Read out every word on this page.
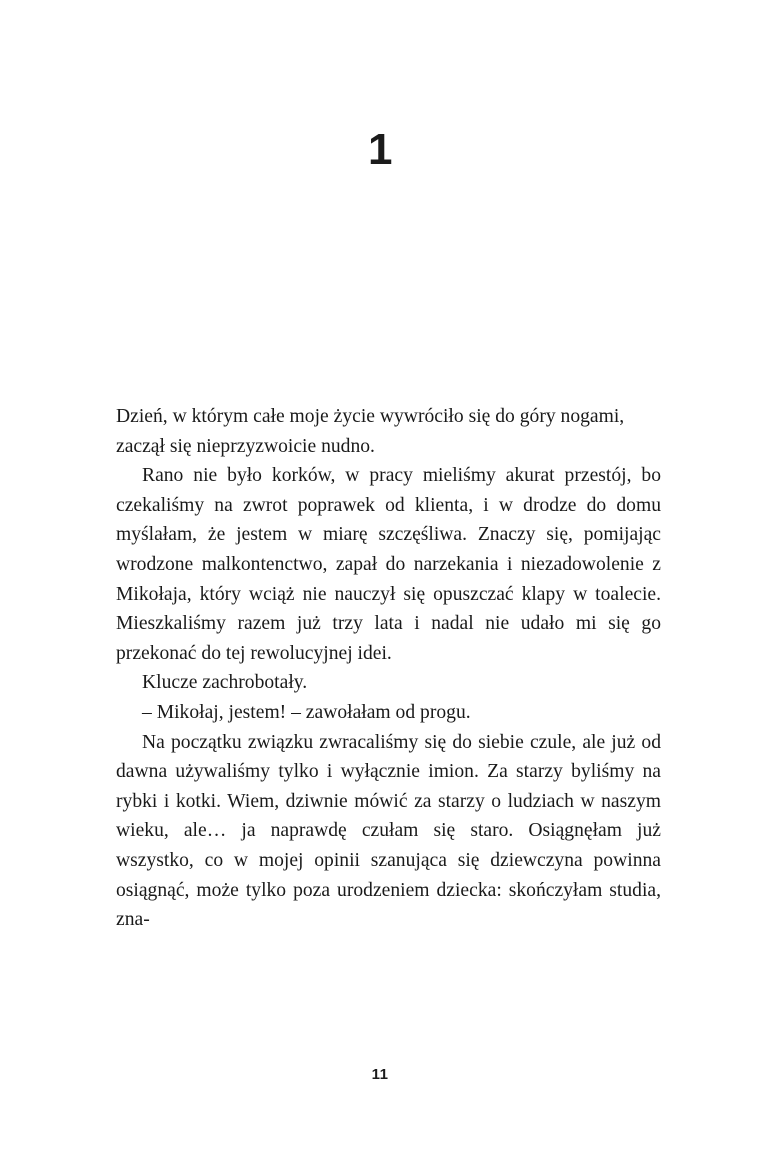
1

Dzień, w którym całe moje życie wywróciło się do góry nogami, zaczął się nieprzyzwoicie nudno.

Rano nie było korków, w pracy mieliśmy akurat przestój, bo czekaliśmy na zwrot poprawek od klienta, i w drodze do domu myślałam, że jestem w miarę szczęśliwa. Znaczy się, pomijając wrodzone malkontenctwo, zapał do narzekania i niezadowolenie z Mikołaja, który wciąż nie nauczył się opuszczać klapy w toalecie. Mieszkaliśmy razem już trzy lata i nadal nie udało mi się go przekonać do tej rewolucyjnej idei.

Klucze zachrobotały.

– Mikołaj, jestem! – zawołałam od progu.

Na początku związku zwracaliśmy się do siebie czule, ale już od dawna używaliśmy tylko i wyłącznie imion. Za starzy byliśmy na rybki i kotki. Wiem, dziwnie mówić za starzy o ludziach w naszym wieku, ale… ja naprawdę czułam się staro. Osiągnęłam już wszystko, co w mojej opinii szanująca się dziewczyna powinna osiągnąć, może tylko poza urodzeniem dziecka: skończyłam studia, zna-

11
